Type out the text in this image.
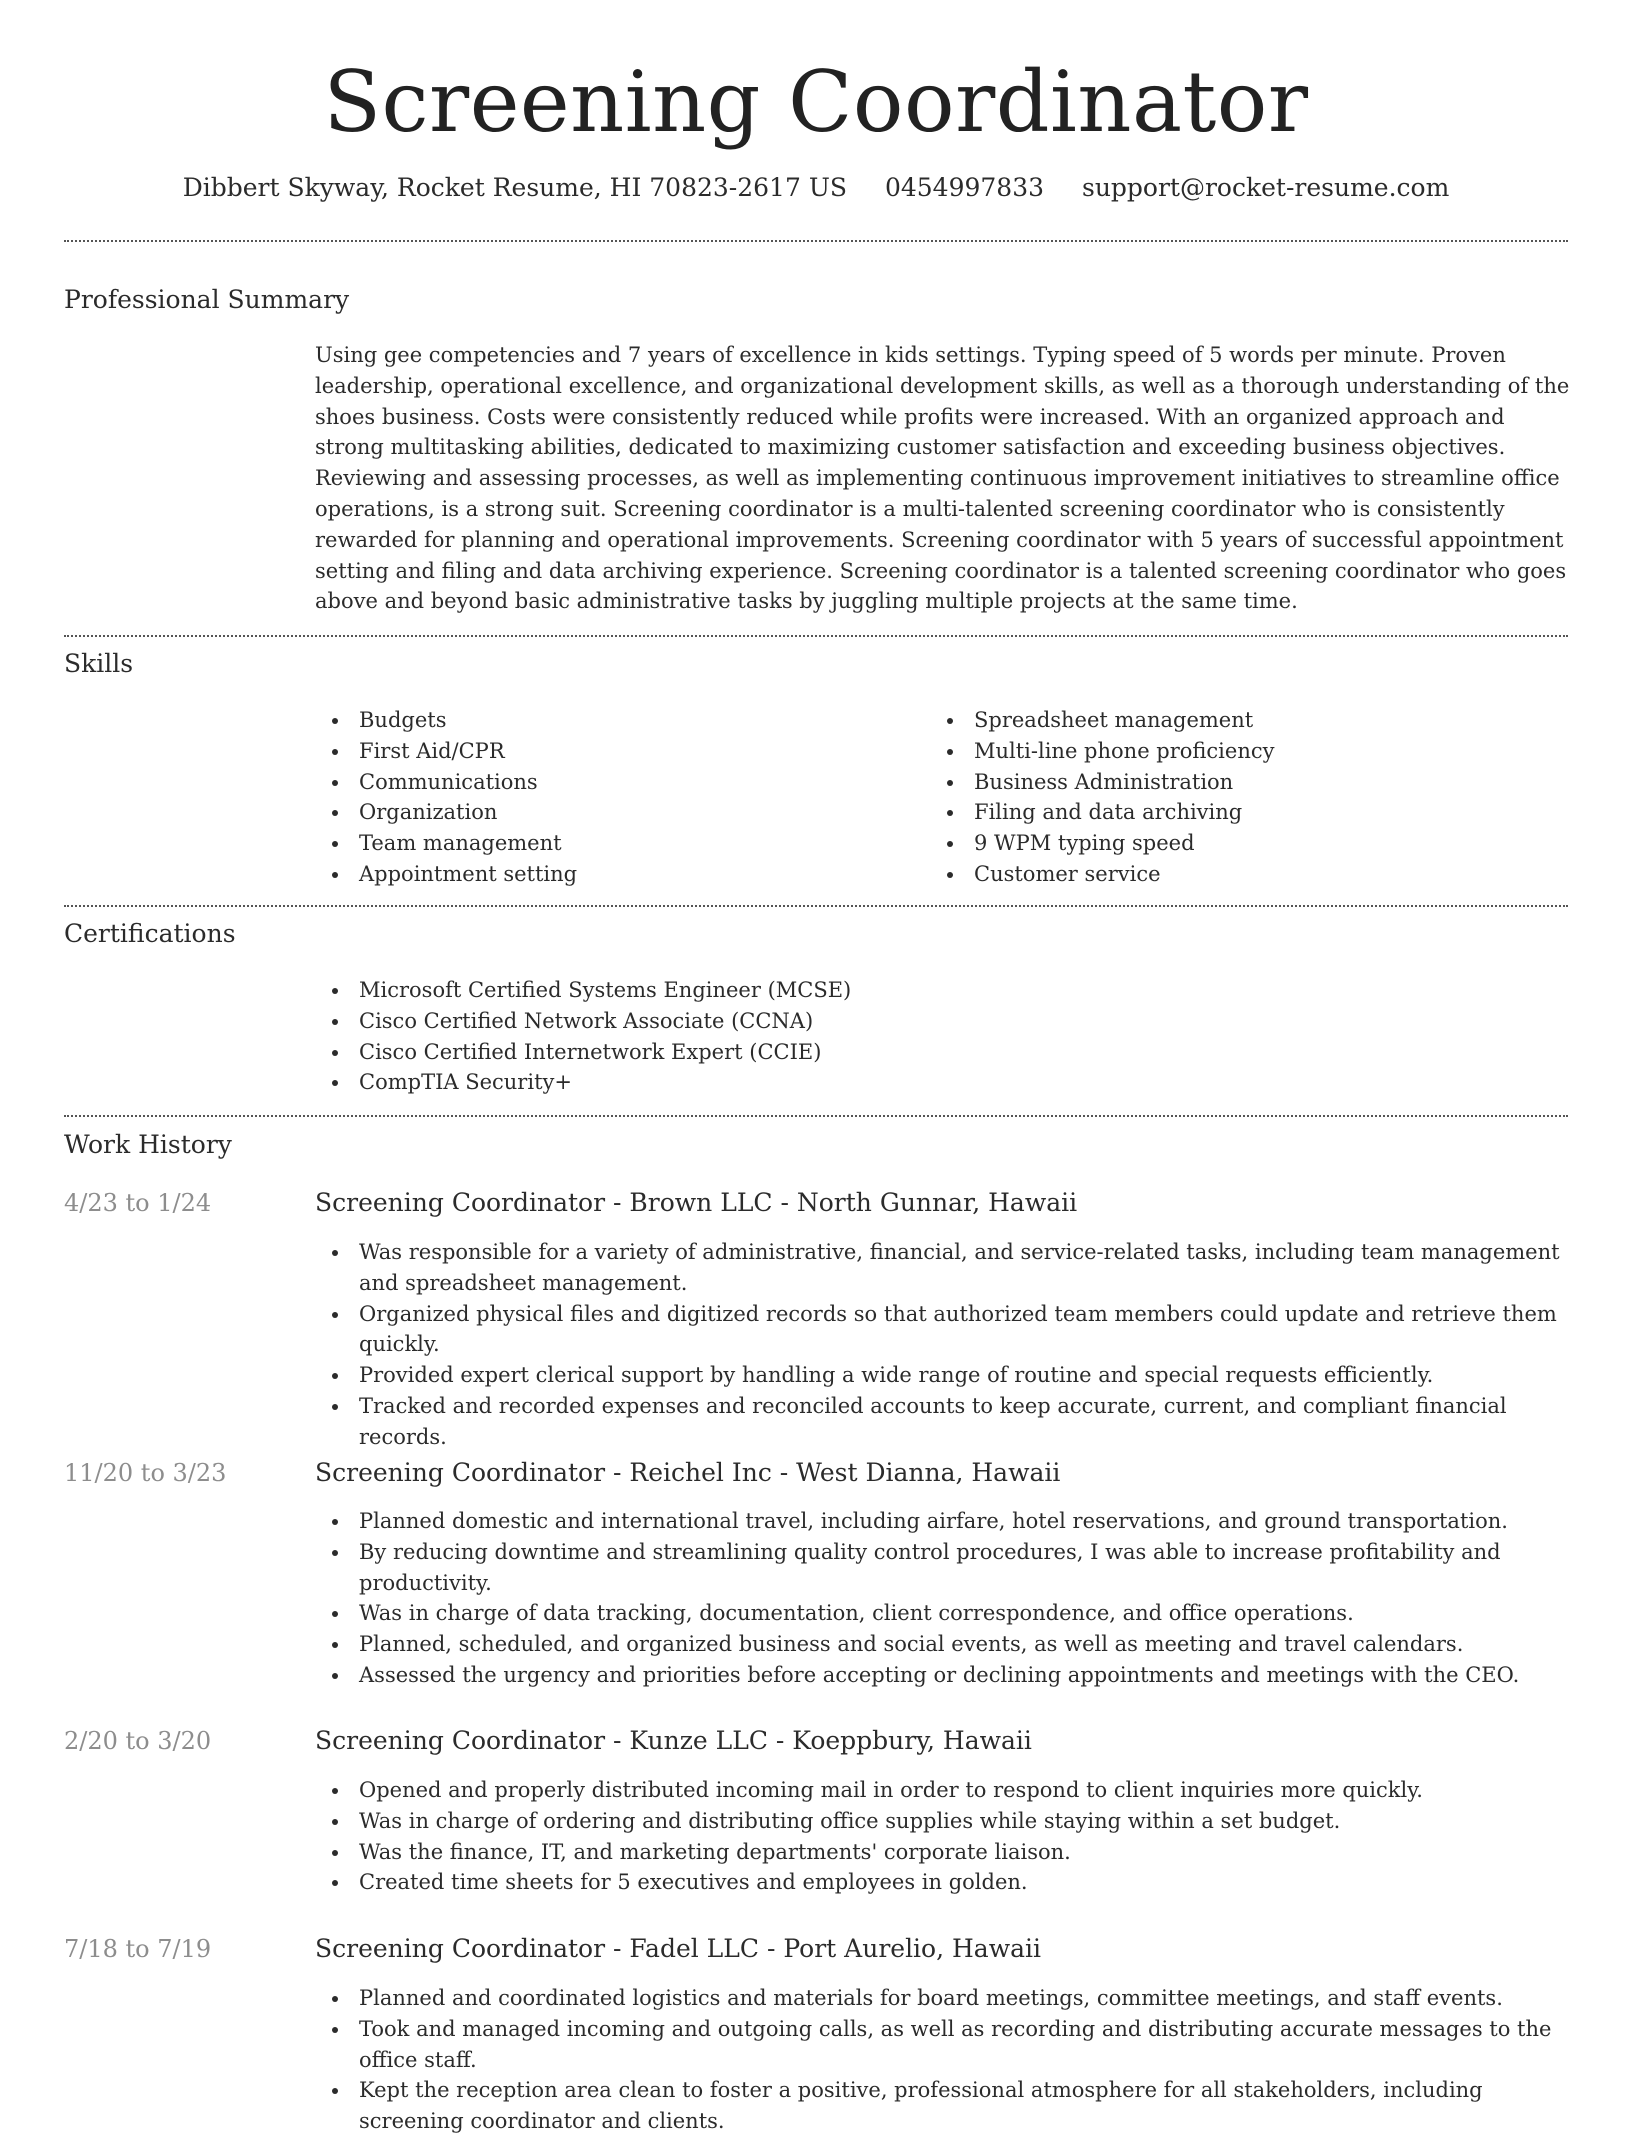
Screening Coordinator
Dibbert Skyway, Rocket Resume, HI 70823-2617 US 0454997833 support@rocket-resume.com
Professional Summary
Using gee competencies and 7 years of excellence in kids settings. Typing speed of 5 words per minute. Proven leadership, operational excellence, and organizational development skills, as well as a thorough understanding of the shoes business. Costs were consistently reduced while profits were increased. With an organized approach and strong multitasking abilities, dedicated to maximizing customer satisfaction and exceeding business objectives. Reviewing and assessing processes, as well as implementing continuous improvement initiatives to streamline office operations, is a strong suit. Screening coordinator is a multi-talented screening coordinator who is consistently rewarded for planning and operational improvements. Screening coordinator with 5 years of successful appointment setting and filing and data archiving experience. Screening coordinator is a talented screening coordinator who goes above and beyond basic administrative tasks by juggling multiple projects at the same time.
Skills
Budgets
First Aid/CPR
Communications
Organization
Team management
Appointment setting
Spreadsheet management
Multi-line phone proficiency
Business Administration
Filing and data archiving
9 WPM typing speed
Customer service
Certifications
Microsoft Certified Systems Engineer (MCSE)
Cisco Certified Network Associate (CCNA)
Cisco Certified Internetwork Expert (CCIE)
CompTIA Security+
Work History
4/23 to 1/24	Screening Coordinator - Brown LLC - North Gunnar, Hawaii
Was responsible for a variety of administrative, financial, and service-related tasks, including team management and spreadsheet management.
Organized physical files and digitized records so that authorized team members could update and retrieve them quickly.
Provided expert clerical support by handling a wide range of routine and special requests efficiently.
Tracked and recorded expenses and reconciled accounts to keep accurate, current, and compliant financial records.
11/20 to 3/23	Screening Coordinator - Reichel Inc - West Dianna, Hawaii
Planned domestic and international travel, including airfare, hotel reservations, and ground transportation.
By reducing downtime and streamlining quality control procedures, I was able to increase profitability and productivity.
Was in charge of data tracking, documentation, client correspondence, and office operations.
Planned, scheduled, and organized business and social events, as well as meeting and travel calendars.
Assessed the urgency and priorities before accepting or declining appointments and meetings with the CEO.
2/20 to 3/20	Screening Coordinator - Kunze LLC - Koeppbury, Hawaii
Opened and properly distributed incoming mail in order to respond to client inquiries more quickly.
Was in charge of ordering and distributing office supplies while staying within a set budget.
Was the finance, IT, and marketing departments' corporate liaison.
Created time sheets for 5 executives and employees in golden.
7/18 to 7/19	Screening Coordinator - Fadel LLC - Port Aurelio, Hawaii
Planned and coordinated logistics and materials for board meetings, committee meetings, and staff events.
Took and managed incoming and outgoing calls, as well as recording and distributing accurate messages to the office staff.
Kept the reception area clean to foster a positive, professional atmosphere for all stakeholders, including screening coordinator and clients.
